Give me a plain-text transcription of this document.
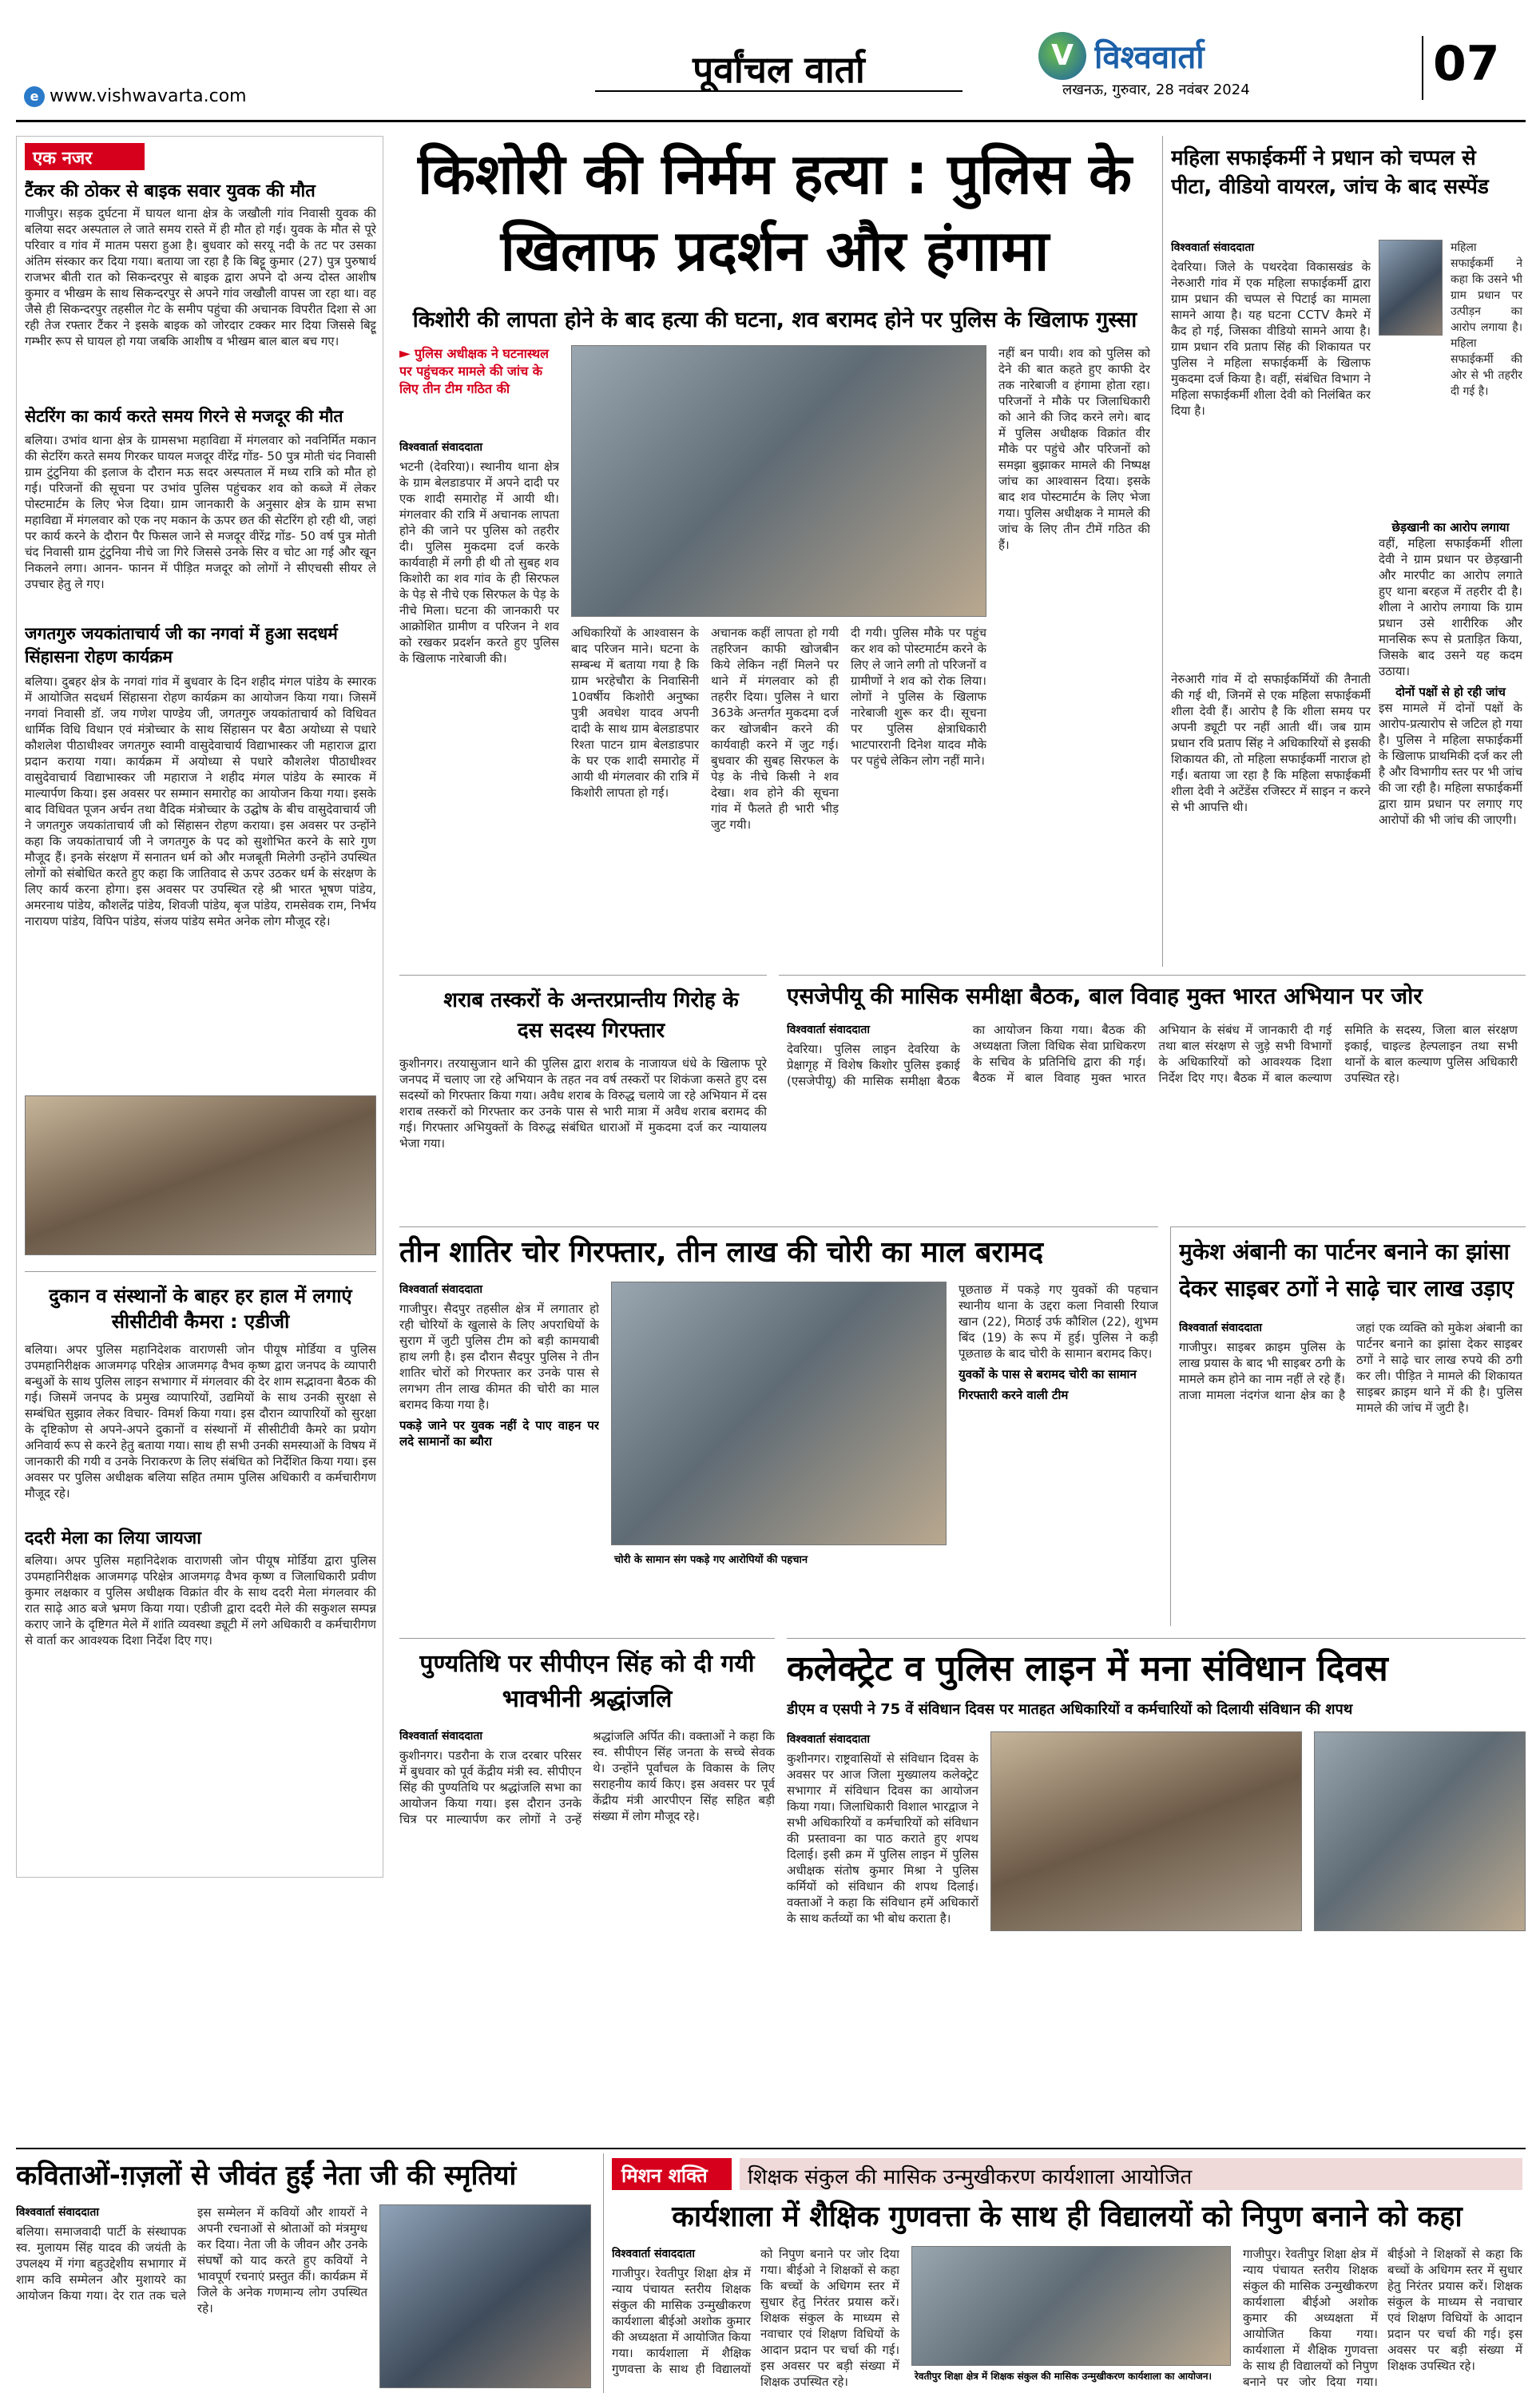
पूर्वांचल वार्ता	V विश्ववार्ता
लखनऊ, गुरुवार, 28 नवंबर 2024	07
e www.vishwavarta.com
एक नजर
टैंकर की ठोकर से बाइक सवार युवक की मौत
गाजीपुर। सड़क दुर्घटना में घायल थाना क्षेत्र के जखौली गांव निवासी युवक की बलिया सदर अस्पताल ले जाते समय रास्ते में ही मौत हो गई। युवक के मौत से पूरे परिवार व गांव में मातम पसरा हुआ है। बुधवार को सरयू नदी के तट पर उसका अंतिम संस्कार कर दिया गया। बताया जा रहा है कि बिट्टू कुमार (27) पुत्र पुरुषार्थ राजभर बीती रात को सिकन्दरपुर से बाइक द्वारा अपने दो अन्य दोस्त आशीष कुमार व भीखम के साथ सिकन्दरपुर से अपने गांव जखौली वापस जा रहा था। वह जैसे ही सिकन्दरपुर तहसील गेट के समीप पहुंचा की अचानक विपरीत दिशा से आ रही तेज रफ्तार टैंकर ने इसके बाइक को जोरदार टक्कर मार दिया जिससे बिट्टू गम्भीर रूप से घायल हो गया जबकि आशीष व भीखम बाल बाल बच गए।
सेटरिंग का कार्य करते समय गिरने से मजदूर की मौत
बलिया। उभांव थाना क्षेत्र के ग्रामसभा महाविद्या में मंगलवार को नवनिर्मित मकान की सेटरिंग करते समय गिरकर घायल मजदूर वीरेंद्र गोंड- 50 पुत्र मोती चंद निवासी ग्राम टुंटुनिया की इलाज के दौरान मऊ सदर अस्पताल में मध्य रात्रि को मौत हो गई। परिजनों की सूचना पर उभांव पुलिस पहुंचकर शव को कब्जे में लेकर पोस्टमार्टम के लिए भेज दिया। ग्राम जानकारी के अनुसार क्षेत्र के ग्राम सभा महाविद्या में मंगलवार को एक नए मकान के ऊपर छत की सेटरिंग हो रही थी, जहां पर कार्य करने के दौरान पैर फिसल जाने से मजदूर वीरेंद्र गोंड- 50 वर्ष पुत्र मोती चंद निवासी ग्राम टुंटुनिया नीचे जा गिरे जिससे उनके सिर व चोट आ गई और खून निकलने लगा। आनन- फानन में पीड़ित मजदूर को लोगों ने सीएचसी सीयर ले उपचार हेतु ले गए।
जगतगुरु जयकांताचार्य जी का नगवां में हुआ सदधर्म सिंहासना रोहण कार्यक्रम
बलिया। दुबहर क्षेत्र के नगवां गांव में बुधवार के दिन शहीद मंगल पांडेय के स्मारक में आयोजित सदधर्म सिंहासना रोहण कार्यक्रम का आयोजन किया गया। जिसमें नगवां निवासी डॉ. जय गणेश पाण्डेय जी, जगतगुरु जयकांताचार्य को विधिवत धार्मिक विधि विधान एवं मंत्रोच्चार के साथ सिंहासन पर बैठा अयोध्या से पधारे कौशलेश पीठाधीश्वर जगतगुरु स्वामी वासुदेवाचार्य विद्याभास्कर जी महाराज द्वारा प्रदान कराया गया। कार्यक्रम में अयोध्या से पधारे कौशलेश पीठाधीश्वर वासुदेवाचार्य विद्याभास्कर जी महाराज ने शहीद मंगल पांडेय के स्मारक में माल्यार्पण किया। इस अवसर पर सम्मान समारोह का आयोजन किया गया। इसके बाद विधिवत पूजन अर्चन तथा वैदिक मंत्रोच्चार के उद्घोष के बीच वासुदेवाचार्य जी ने जगतगुरु जयकांताचार्य जी को सिंहासन रोहण कराया। इस अवसर पर उन्होंने कहा कि जयकांताचार्य जी ने जगतगुरु के पद को सुशोभित करने के सारे गुण मौजूद हैं। इनके संरक्षण में सनातन धर्म को और मजबूती मिलेगी उन्होंने उपस्थित लोगों को संबोधित करते हुए कहा कि जातिवाद से ऊपर उठकर धर्म के संरक्षण के लिए कार्य करना होगा। इस अवसर पर उपस्थित रहे श्री भारत भूषण पांडेय, अमरनाथ पांडेय, कौशलेंद्र पांडेय, शिवजी पांडेय, बृज पांडेय, रामसेवक राम, निर्भय नारायण पांडेय, विपिन पांडेय, संजय पांडेय समेत अनेक लोग मौजूद रहे।
दुकान व संस्थानों के बाहर हर हाल में लगाएं सीसीटीवी कैमरा : एडीजी
बलिया। अपर पुलिस महानिदेशक वाराणसी जोन पीयूष मोर्डिया व पुलिस उपमहानिरीक्षक आजमगढ़ परिक्षेत्र आजमगढ़ वैभव कृष्ण द्वारा जनपद के व्यापारी बन्धुओं के साथ पुलिस लाइन सभागार में मंगलवार की देर शाम सद्भावना बैठक की गई। जिसमें जनपद के प्रमुख व्यापारियों, उद्यमियों के साथ उनकी सुरक्षा से सम्बंधित सुझाव लेकर विचार- विमर्श किया गया। इस दौरान व्यापारियों को सुरक्षा के दृष्टिकोण से अपने-अपने दुकानों व संस्थानों में सीसीटीवी कैमरे का प्रयोग अनिवार्य रूप से करने हेतु बताया गया। साथ ही सभी उनकी समस्याओं के विषय में जानकारी की गयी व उनके निराकरण के लिए संबंधित को निर्देशित किया गया। इस अवसर पर पुलिस अधीक्षक बलिया सहित तमाम पुलिस अधिकारी व कर्मचारीगण मौजूद रहे।
ददरी मेला का लिया जायजा
बलिया। अपर पुलिस महानिदेशक वाराणसी जोन पीयूष मोर्डिया द्वारा पुलिस उपमहानिरीक्षक आजमगढ़ परिक्षेत्र आजमगढ़ वैभव कृष्ण व जिलाधिकारी प्रवीण कुमार लक्षकार व पुलिस अधीक्षक विक्रांत वीर के साथ ददरी मेला मंगलवार की रात साढ़े आठ बजे भ्रमण किया गया। एडीजी द्वारा ददरी मेले की सकुशल सम्पन्न कराए जाने के दृष्टिगत मेले में शांति व्यवस्था ड्यूटी में लगे अधिकारी व कर्मचारीगण से वार्ता कर आवश्यक दिशा निर्देश दिए गए।
किशोरी की निर्मम हत्या : पुलिस के खिलाफ प्रदर्शन और हंगामा
किशोरी की लापता होने के बाद हत्या की घटना, शव बरामद होने पर पुलिस के खिलाफ गुस्सा
► पुलिस अधीक्षक ने घटनास्थल पर पहुंचकर मामले की जांच के लिए तीन टीम गठित की
विश्ववार्ता संवाददाता
भटनी (देवरिया)। स्थानीय थाना क्षेत्र के ग्राम बेलडाडपार में अपने दादी पर एक शादी समारोह में आयी थी। मंगलवार की रात्रि में अचानक लापता होने की जाने पर पुलिस को तहरीर दी। पुलिस मुकदमा दर्ज करके कार्यवाही में लगी ही थी तो सुबह शव किशोरी का शव गांव के ही सिरफल के पेड़ से नीचे एक सिरफल के पेड़ के नीचे मिला। घटना की जानकारी पर आक्रोशित ग्रामीण व परिजन ने शव को रखकर प्रदर्शन करते हुए पुलिस के खिलाफ नारेबाजी की।
अधिकारियों के आश्वासन के बाद परिजन माने। घटना के सम्बन्ध में बताया गया है कि ग्राम भरहेचौरा के निवासिनी 10वर्षीय किशोरी अनुष्का पुत्री अवधेश यादव अपनी दादी के साथ ग्राम बेलडाडपार रिश्ता पाटन ग्राम बेलडाडपार के घर एक शादी समारोह में आयी थी मंगलवार की रात्रि में किशोरी लापता हो गई।
अचानक कहीं लापता हो गयी तहरिजन काफी खोजबीन किये लेकिन नहीं मिलने पर थाने में मंगलवार को ही तहरीर दिया। पुलिस ने धारा 363के अन्तर्गत मुकदमा दर्ज कर खोजबीन करने की कार्यवाही करने में जुट गई। बुधवार की सुबह सिरफल के पेड़ के नीचे किसी ने शव देखा। शव होने की सूचना गांव में फैलते ही भारी भीड़ जुट गयी।
दी गयी। पुलिस मौके पर पहुंच कर शव को पोस्टमार्टम करने के लिए ले जाने लगी तो परिजनों व ग्रामीणों ने शव को रोक लिया। लोगों ने पुलिस के खिलाफ नारेबाजी शुरू कर दी। सूचना पर पुलिस क्षेत्राधिकारी भाटपाररानी दिनेश यादव मौके पर पहुंचे लेकिन लोग नहीं माने।
नहीं बन पायी। शव को पुलिस को देने की बात कहते हुए काफी देर तक नारेबाजी व हंगामा होता रहा। परिजनों ने मौके पर जिलाधिकारी को आने की जिद करने लगे। बाद में पुलिस अधीक्षक विक्रांत वीर मौके पर पहुंचे और परिजनों को समझा बुझाकर मामले की निष्पक्ष जांच का आश्वासन दिया। इसके बाद शव पोस्टमार्टम के लिए भेजा गया। पुलिस अधीक्षक ने मामले की जांच के लिए तीन टीमें गठित की हैं।
शराब तस्करों के अन्तरप्रान्तीय गिरोह के दस सदस्य गिरफ्तार
कुशीनगर। तरयासुजान थाने की पुलिस द्वारा शराब के नाजायज धंधे के खिलाफ पूरे जनपद में चलाए जा रहे अभियान के तहत नव वर्ष तस्करों पर शिकंजा कसते हुए दस सदस्यों को गिरफ्तार किया गया। अवैध शराब के विरुद्ध चलाये जा रहे अभियान में दस शराब तस्करों को गिरफ्तार कर उनके पास से भारी मात्रा में अवैध शराब बरामद की गई। गिरफ्तार अभियुक्तों के विरुद्ध संबंधित धाराओं में मुकदमा दर्ज कर न्यायालय भेजा गया।
महिला सफाईकर्मी ने प्रधान को चप्पल से पीटा, वीडियो वायरल, जांच के बाद सस्पेंड
विश्ववार्ता संवाददाता
देवरिया। जिले के पथरदेवा विकासखंड के नेरुआरी गांव में एक महिला सफाईकर्मी द्वारा ग्राम प्रधान की चप्पल से पिटाई का मामला सामने आया है। यह घटना CCTV कैमरे में कैद हो गई, जिसका वीडियो सामने आया है। ग्राम प्रधान रवि प्रताप सिंह की शिकायत पर पुलिस ने महिला सफाईकर्मी के खिलाफ मुकदमा दर्ज किया है। वहीं, संबंधित विभाग ने महिला सफाईकर्मी शीला देवी को निलंबित कर दिया है।
महिला सफाईकर्मी ने कहा कि उसने भी ग्राम प्रधान पर उत्पीड़न का आरोप लगाया है। महिला सफाईकर्मी की ओर से भी तहरीर दी गई है।
नेरुआरी गांव में दो सफाईकर्मियों की तैनाती की गई थी, जिनमें से एक महिला सफाईकर्मी शीला देवी हैं। आरोप है कि शीला समय पर अपनी ड्यूटी पर नहीं आती थीं। जब ग्राम प्रधान रवि प्रताप सिंह ने अधिकारियों से इसकी शिकायत की, तो महिला सफाईकर्मी नाराज हो गईं। बताया जा रहा है कि महिला सफाईकर्मी शीला देवी ने अटेंडेंस रजिस्टर में साइन न करने से भी आपत्ति थी।
छेड़खानी का आरोप लगाया
वहीं, महिला सफाईकर्मी शीला देवी ने ग्राम प्रधान पर छेड़खानी और मारपीट का आरोप लगाते हुए थाना बरहज में तहरीर दी है। शीला ने आरोप लगाया कि ग्राम प्रधान उसे शारीरिक और मानसिक रूप से प्रताड़ित किया, जिसके बाद उसने यह कदम उठाया।
दोनों पक्षों से हो रही जांच
इस मामले में दोनों पक्षों के आरोप-प्रत्यारोप से जटिल हो गया है। पुलिस ने महिला सफाईकर्मी के खिलाफ प्राथमिकी दर्ज कर ली है और विभागीय स्तर पर भी जांच की जा रही है। महिला सफाईकर्मी द्वारा ग्राम प्रधान पर लगाए गए आरोपों की भी जांच की जाएगी।
एसजेपीयू की मासिक समीक्षा बैठक, बाल विवाह मुक्त भारत अभियान पर जोर
विश्ववार्ता संवाददाता
देवरिया। पुलिस लाइन देवरिया के प्रेक्षागृह में विशेष किशोर पुलिस इकाई (एसजेपीयू) की मासिक समीक्षा बैठक का आयोजन किया गया। बैठक की अध्यक्षता जिला विधिक सेवा प्राधिकरण के सचिव के प्रतिनिधि द्वारा की गई। बैठक में बाल विवाह मुक्त भारत अभियान के संबंध में जानकारी दी गई तथा बाल संरक्षण से जुड़े सभी विभागों के अधिकारियों को आवश्यक दिशा निर्देश दिए गए। बैठक में बाल कल्याण समिति के सदस्य, जिला बाल संरक्षण इकाई, चाइल्ड हेल्पलाइन तथा सभी थानों के बाल कल्याण पुलिस अधिकारी उपस्थित रहे।
तीन शातिर चोर गिरफ्तार, तीन लाख की चोरी का माल बरामद
विश्ववार्ता संवाददाता
गाजीपुर। सैदपुर तहसील क्षेत्र में लगातार हो रही चोरियों के खुलासे के लिए अपराधियों के सुराग में जुटी पुलिस टीम को बड़ी कामयाबी हाथ लगी है। इस दौरान सैदपुर पुलिस ने तीन शातिर चोरों को गिरफ्तार कर उनके पास से लगभग तीन लाख कीमत की चोरी का माल बरामद किया गया है।
पकड़े जाने पर युवक नहीं दे पाए वाहन पर लदे सामानों का ब्यौरा
चोरी के सामान संग पकड़े गए आरोपियों की पहचान
पूछताछ में पकड़े गए युवकों की पहचान स्थानीय थाना के उद्दरा कला निवासी रियाज खान (22), मिठाई उर्फ कौशिल (22), शुभम बिंद (19) के रूप में हुई। पुलिस ने कड़ी पूछताछ के बाद चोरी के सामान बरामद किए।
युवकों के पास से बरामद चोरी का सामान
गिरफ्तारी करने वाली टीम
मुकेश अंबानी का पार्टनर बनाने का झांसा देकर साइबर ठगों ने साढ़े चार लाख उड़ाए
विश्ववार्ता संवाददाता
गाजीपुर। साइबर क्राइम पुलिस के लाख प्रयास के बाद भी साइबर ठगी के मामले कम होने का नाम नहीं ले रहे हैं। ताजा मामला नंदगंज थाना क्षेत्र का है जहां एक व्यक्ति को मुकेश अंबानी का पार्टनर बनाने का झांसा देकर साइबर ठगों ने साढ़े चार लाख रुपये की ठगी कर ली। पीड़ित ने मामले की शिकायत साइबर क्राइम थाने में की है। पुलिस मामले की जांच में जुटी है।
पुण्यतिथि पर सीपीएन सिंह को दी गयी भावभीनी श्रद्धांजलि
विश्ववार्ता संवाददाता
कुशीनगर। पडरौना के राज दरबार परिसर में बुधवार को पूर्व केंद्रीय मंत्री स्व. सीपीएन सिंह की पुण्यतिथि पर श्रद्धांजलि सभा का आयोजन किया गया। इस दौरान उनके चित्र पर माल्यार्पण कर लोगों ने उन्हें श्रद्धांजलि अर्पित की। वक्ताओं ने कहा कि स्व. सीपीएन सिंह जनता के सच्चे सेवक थे। उन्होंने पूर्वांचल के विकास के लिए सराहनीय कार्य किए। इस अवसर पर पूर्व केंद्रीय मंत्री आरपीएन सिंह सहित बड़ी संख्या में लोग मौजूद रहे।
कलेक्ट्रेट व पुलिस लाइन में मना संविधान दिवस
डीएम व एसपी ने 75 वें संविधान दिवस पर मातहत अधिकारियों व कर्मचारियों को दिलायी संविधान की शपथ
विश्ववार्ता संवाददाता
कुशीनगर। राष्ट्रवासियों से संविधान दिवस के अवसर पर आज जिला मुख्यालय कलेक्ट्रेट सभागार में संविधान दिवस का आयोजन किया गया। जिलाधिकारी विशाल भारद्वाज ने सभी अधिकारियों व कर्मचारियों को संविधान की प्रस्तावना का पाठ कराते हुए शपथ दिलाई। इसी क्रम में पुलिस लाइन में पुलिस अधीक्षक संतोष कुमार मिश्रा ने पुलिस कर्मियों को संविधान की शपथ दिलाई। वक्ताओं ने कहा कि संविधान हमें अधिकारों के साथ कर्तव्यों का भी बोध कराता है।
कविताओं-ग़ज़लों से जीवंत हुईं नेता जी की स्मृतियां
विश्ववार्ता संवाददाता
बलिया। समाजवादी पार्टी के संस्थापक स्व. मुलायम सिंह यादव की जयंती के उपलक्ष्य में गंगा बहुउद्देशीय सभागार में शाम कवि सम्मेलन और मुशायरे का आयोजन किया गया। देर रात तक चले इस सम्मेलन में कवियों और शायरों ने अपनी रचनाओं से श्रोताओं को मंत्रमुग्ध कर दिया। नेता जी के जीवन और उनके संघर्षों को याद करते हुए कवियों ने भावपूर्ण रचनाएं प्रस्तुत कीं। कार्यक्रम में जिले के अनेक गणमान्य लोग उपस्थित रहे।
मिशन शक्ति	शिक्षक संकुल की मासिक उन्मुखीकरण कार्यशाला आयोजित
कार्यशाला में शैक्षिक गुणवत्ता के साथ ही विद्यालयों को निपुण बनाने को कहा
विश्ववार्ता संवाददाता
गाजीपुर। रेवतीपुर शिक्षा क्षेत्र में न्याय पंचायत स्तरीय शिक्षक संकुल की मासिक उन्मुखीकरण कार्यशाला बीईओ अशोक कुमार की अध्यक्षता में आयोजित किया गया। कार्यशाला में शैक्षिक गुणवत्ता के साथ ही विद्यालयों को निपुण बनाने पर जोर दिया गया। बीईओ ने शिक्षकों से कहा कि बच्चों के अधिगम स्तर में सुधार हेतु निरंतर प्रयास करें। शिक्षक संकुल के माध्यम से नवाचार एवं शिक्षण विधियों के आदान प्रदान पर चर्चा की गई। इस अवसर पर बड़ी संख्या में शिक्षक उपस्थित रहे।	रेवतीपुर शिक्षा क्षेत्र में शिक्षक संकुल की मासिक उन्मुखीकरण कार्यशाला का आयोजन।
गाजीपुर। रेवतीपुर शिक्षा क्षेत्र में न्याय पंचायत स्तरीय शिक्षक संकुल की मासिक उन्मुखीकरण कार्यशाला बीईओ अशोक कुमार की अध्यक्षता में आयोजित किया गया। कार्यशाला में शैक्षिक गुणवत्ता के साथ ही विद्यालयों को निपुण बनाने पर जोर दिया गया। बीईओ ने शिक्षकों से कहा कि बच्चों के अधिगम स्तर में सुधार हेतु निरंतर प्रयास करें। शिक्षक संकुल के माध्यम से नवाचार एवं शिक्षण विधियों के आदान प्रदान पर चर्चा की गई। इस अवसर पर बड़ी संख्या में शिक्षक उपस्थित रहे।
